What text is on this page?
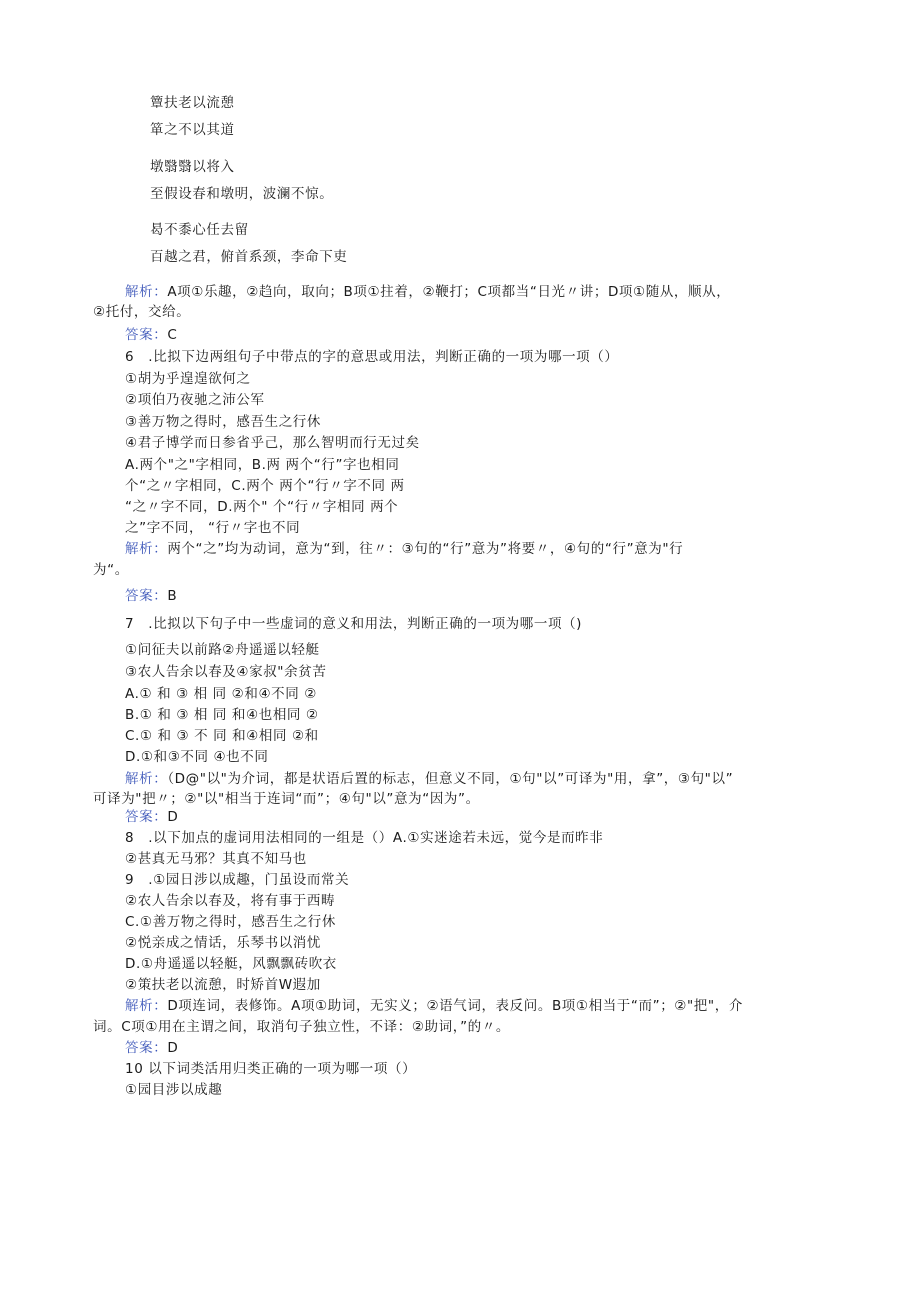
簟扶老以流憩
箪之不以其道
墩翳翳以将入
至假设春和墩明，波澜不惊。
曷不黍心任去留
百越之君，俯首系颈，李命下吏
解析：A项①乐趣，②趋向，取向；B项①拄着，②鞭打；C项都当“日光〃讲；D项①随从，顺从，
②托付，交给。
答案：C
6　.比拟下边两组句子中带点的字的意思或用法，判断正确的一项为哪一项（）
①胡为乎遑遑欲何之
②项伯乃夜驰之沛公军
③善万物之得时，感吾生之行休
④君子博学而日参省乎己，那么智明而行无过矣
A.两个"之"字相同，B.两 两个“行”字也相同
个“之〃字相同，C.两个 两个“行〃字不同 两
“之〃字不同，D.两个" 个“行〃字相同 两个
之”字不同， “行〃字也不同
解析：两个“之”均为动词，意为“到，往〃：③句的“行”意为”将要〃，④句的“行”意为"行
为“。
答案：B
7　.比拟以下句子中一些虚词的意义和用法，判断正确的一项为哪一项（)
①问征夫以前路②舟遥遥以轻艇
③农人告余以春及④家叔"余贫苦
A.① 和 ③ 相 同 ②和④不同 ②
B.① 和 ③ 相 同 和④也相同 ②
C.① 和 ③ 不 同 和④相同 ②和
D.①和③不同 ④也不同
解析：（D@"以"为介词，都是状语后置的标志，但意义不同，①句"以”可译为"用，拿”，③句"以”
可译为"把〃；②"以"相当于连词“而”；④句"以”意为“因为”。
答案：D
8　.以下加点的虚词用法相同的一组是（）A.①实迷途若未远，觉今是而昨非
②甚真无马邪？其真不知马也
9　.①园日涉以成趣，门虽设而常关
②农人告余以春及，将有事于西畴
C.①善万物之得时，感吾生之行休
②悦亲成之情话，乐琴书以消忧
D.①舟遥遥以轻艇，风飘飘砖吹衣
②策扶老以流憩，时矫首W遐加
解析：D项连词，表修饰。A项①助词，无实义；②语气词，表反问。B项①相当于“而”；②"把"，介
词。C项①用在主谓之间，取消句子独立性，不译：②助词，”的〃。
答案：D
10 以下词类活用归类正确的一项为哪一项（）
①园目涉以成趣
